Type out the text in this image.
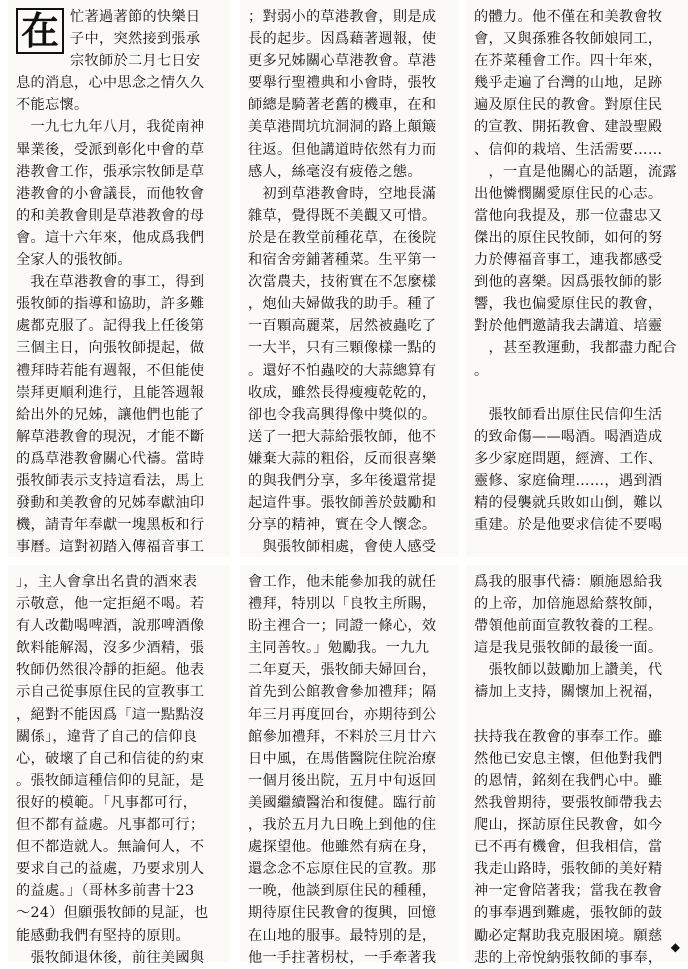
在 忙著過著節的快樂日
子中，突然接到張承
宗牧師於二月七日安
息的消息，心中思念之情久久
不能忘懷。
　一九七九年八月，我從南神
畢業後，受派到彰化中會的草
港教會工作，張承宗牧師是草
港教會的小會議長，而他牧會
的和美教會則是草港教會的母
會。這十六年來，他成爲我們
全家人的張牧師。
　我在草港教會的事工，得到
張牧師的指導和協助，許多難
處都克服了。記得我上任後第
三個主日，向張牧師提起，做
禮拜時若能有週報，不但能使
崇拜更順利進行，且能答週報
給出外的兄姊，讓他們也能了
解草港教會的現況，才能不斷
的爲草港教會關心代禱。當時
張牧師表示支持這看法，馬上
發動和美教會的兄姊奉獻油印
機，請青年奉獻一塊黑板和行
事曆。這對初踏入傳福音事工
；對弱小的草港教會，則是成
長的起步。因爲藉著週報，使
更多兄姊關心草港教會。草港
要舉行聖禮典和小會時，張牧
師總是騎著老舊的機車，在和
美草港間坑坑洞洞的路上顛簸
往返。但他講道時依然有力而
感人，絲毫沒有疲倦之態。
　初到草港教會時，空地長滿
雜草，覺得既不美觀又可惜。
於是在教堂前種花草，在後院
和宿舍旁鋪著種菜。生平第一
次當農夫，技術實在不怎麼樣
，炮仙夫婦做我的助手。種了
一百顆高麗菜，居然被蟲吃了
一大半，只有三顆像樣一點的
。還好不怕蟲咬的大蒜總算有
收成，雖然長得瘦瘦乾乾的，
卻也令我高興得像中獎似的。
送了一把大蒜給張牧師，他不
嫌棄大蒜的粗俗，反而很喜樂
的與我們分享，多年後還常提
起這件事。張牧師善於鼓勵和
分享的精神，實在令人懷念。
　與張牧師相處，會使人感受
的體力。他不僅在和美教會牧
會，又與孫雅各牧師娘同工，
在芥菜種會工作。四十年來，
幾乎走遍了台灣的山地，足跡
遍及原住民的教會。對原住民
的宣教、開拓教會、建設聖殿
、信仰的栽培、生活需要……
　，一直是他關心的話題，流露
出他憐憫關愛原住民的心志。
當他向我提及，那一位盡忠又
傑出的原住民牧師，如何的努
力於傳福音事工，連我都感受
到他的喜樂。因爲張牧師的影
響，我也偏愛原住民的教會，
對於他們邀請我去講道、培靈
　，甚至教運動，我都盡力配合
。
　張牧師看出原住民信仰生活
的致命傷——喝酒。喝酒造成
多少家庭問題，經濟、工作、
靈修、家庭倫理……，遇到酒
精的侵襲就兵敗如山倒，難以
重建。於是他要求信徒不要喝
」，主人會拿出名貴的酒來表
示敬意，他一定拒絕不喝。若
有人改勸喝啤酒，說那啤酒像
飲料能解渴，沒多少酒精，張
牧師仍然很冷靜的拒絕。他表
示自己從事原住民的宣教事工
，絕對不能因爲「這一點點沒
關係」，違背了自己的信仰良
心，破壞了自己和信徒的約束
。張牧師這種信仰的見証，是
很好的模範。「凡事都可行，
但不都有益處。凡事都可行；
但不都造就人。無論何人，不
要求自己的益處，乃要求別人
的益處。」（哥林多前書十23
〜24）但願張牧師的見証，也
能感動我們有堅持的原則。
　張牧師退休後，前往美國與
會工作，他未能參加我的就任
禮拜，特別以「良牧主所賜，
盼主裡合一；同證一條心，效
主同善牧。」勉勵我。一九九
二年夏天，張牧師夫婦回台，
首先到公館教會參加禮拜；隔
年三月再度回台，亦期待到公
館參加禮拜，不料於三月廿六
日中風，在馬偕醫院住院治療
一個月後出院，五月中旬返回
美國繼續醫治和復健。臨行前
，我於五月九日晚上到他的住
處探望他。他雖然有病在身，
還念念不忘原住民的宣教。那
一晚，他談到原住民的種種，
期待原住民教會的復興，回憶
在山地的服事。最特別的是，
他一手拄著枴杖，一手牽著我
爲我的服事代禱：願施恩給我
的上帝，加倍施恩給蔡牧師，
帶領他前面宣教牧養的工程。
這是我見張牧師的最後一面。
　張牧師以鼓勵加上讚美，代
禱加上支持，關懷加上祝福，
扶持我在教會的事奉工作。雖
然他已安息主懷，但他對我們
的恩情，銘刻在我們心中。雖
然我曾期待，要張牧師帶我去
爬山，探訪原住民教會，如今
已不再有機會，但我相信，當
我走山路時，張牧師的美好精
神一定會陪著我；當我在教會
的事奉遇到難處，張牧師的鼓
勵必定幫助我克服困境。願慈
悲的上帝悅納張牧師的事奉，
◆
